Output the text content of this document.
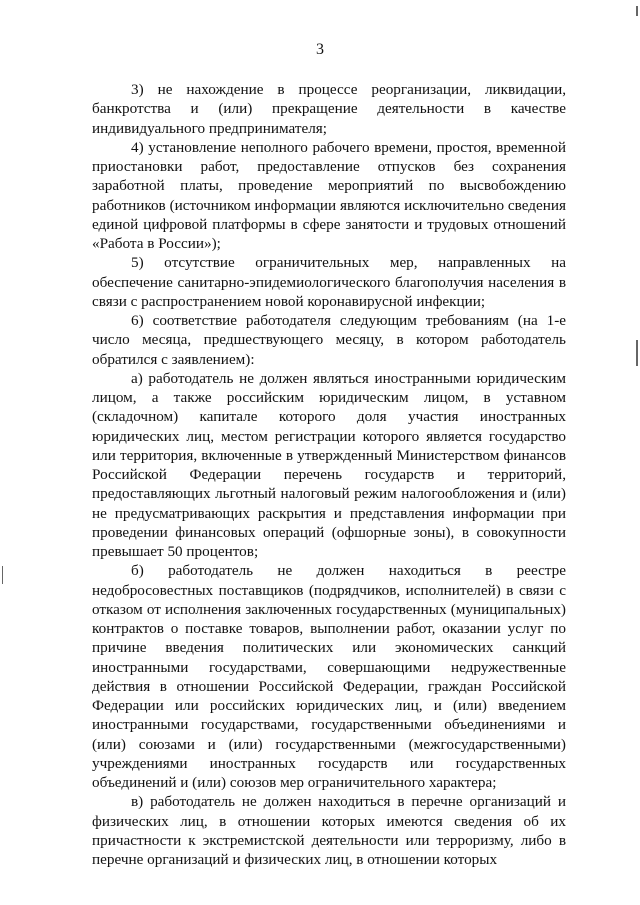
3

3) не нахождение в процессе реорганизации, ликвидации, банкротства и (или) прекращение деятельности в качестве индивидуального предпринимателя;

4) установление неполного рабочего времени, простоя, временной приостановки работ, предоставление отпусков без сохранения заработной платы, проведение мероприятий по высвобождению работников (источником информации являются исключительно сведения единой цифровой платформы в сфере занятости и трудовых отношений «Работа в России»);

5) отсутствие ограничительных мер, направленных на обеспечение санитарно-эпидемиологического благополучия населения в связи с распространением новой коронавирусной инфекции;

6) соответствие работодателя следующим требованиям (на 1-е число месяца, предшествующего месяцу, в котором работодатель обратился с заявлением):

а) работодатель не должен являться иностранными юридическим лицом, а также российским юридическим лицом, в уставном (складочном) капитале которого доля участия иностранных юридических лиц, местом регистрации которого является государство или территория, включенные в утвержденный Министерством финансов Российской Федерации перечень государств и территорий, предоставляющих льготный налоговый режим налогообложения и (или) не предусматривающих раскрытия и представления информации при проведении финансовых операций (офшорные зоны), в совокупности превышает 50 процентов;

б) работодатель не должен находиться в реестре недобросовестных поставщиков (подрядчиков, исполнителей) в связи с отказом от исполнения заключенных государственных (муниципальных) контрактов о поставке товаров, выполнении работ, оказании услуг по причине введения политических или экономических санкций иностранными государствами, совершающими недружественные действия в отношении Российской Федерации, граждан Российской Федерации или российских юридических лиц, и (или) введением иностранными государствами, государственными объединениями и (или) союзами и (или) государственными (межгосударственными) учреждениями иностранных государств или государственных объединений и (или) союзов мер ограничительного характера;

в) работодатель не должен находиться в перечне организаций и физических лиц, в отношении которых имеются сведения об их причастности к экстремистской деятельности или терроризму, либо в перечне организаций и физических лиц, в отношении которых
